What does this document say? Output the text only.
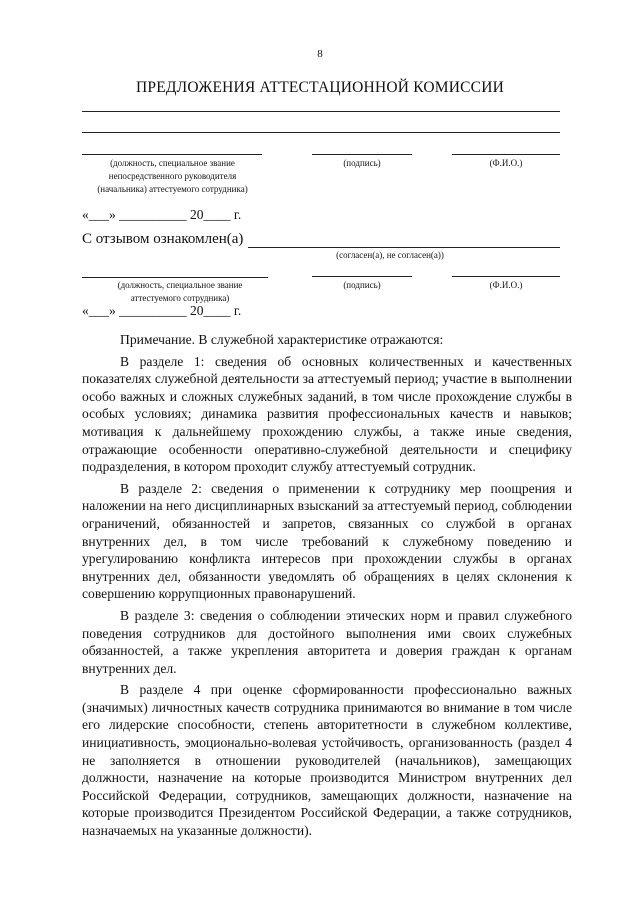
8
ПРЕДЛОЖЕНИЯ АТТЕСТАЦИОННОЙ КОМИССИИ
(должность, специальное звание непосредственного руководителя (начальника) аттестуемого сотрудника)
(подпись)	(Ф.И.О.)
«___» __________ 20____ г.
С отзывом ознакомлен(а)
(согласен(а), не согласен(а))
(должность, специальное звание аттестуемого сотрудника)
(подпись)	(Ф.И.О.)
«___» __________ 20____ г.

Примечание. В служебной характеристике отражаются:

В разделе 1: сведения об основных количественных и качественных показателях служебной деятельности за аттестуемый период; участие в выполнении особо важных и сложных служебных заданий, в том числе прохождение службы в особых условиях; динамика развития профессиональных качеств и навыков; мотивация к дальнейшему прохождению службы, а также иные сведения, отражающие особенности оперативно-служебной деятельности и специфику подразделения, в котором проходит службу аттестуемый сотрудник.

В разделе 2: сведения о применении к сотруднику мер поощрения и наложении на него дисциплинарных взысканий за аттестуемый период, соблюдении ограничений, обязанностей и запретов, связанных со службой в органах внутренних дел, в том числе требований к служебному поведению и урегулированию конфликта интересов при прохождении службы в органах внутренних дел, обязанности уведомлять об обращениях в целях склонения к совершению коррупционных правонарушений.

В разделе 3: сведения о соблюдении этических норм и правил служебного поведения сотрудников для достойного выполнения ими своих служебных обязанностей, а также укрепления авторитета и доверия граждан к органам внутренних дел.

В разделе 4 при оценке сформированности профессионально важных (значимых) личностных качеств сотрудника принимаются во внимание в том числе его лидерские способности, степень авторитетности в служебном коллективе, инициативность, эмоционально-волевая устойчивость, организованность (раздел 4 не заполняется в отношении руководителей (начальников), замещающих должности, назначение на которые производится Министром внутренних дел Российской Федерации, сотрудников, замещающих должности, назначение на которые производится Президентом Российской Федерации, а также сотрудников, назначаемых на указанные должности).
